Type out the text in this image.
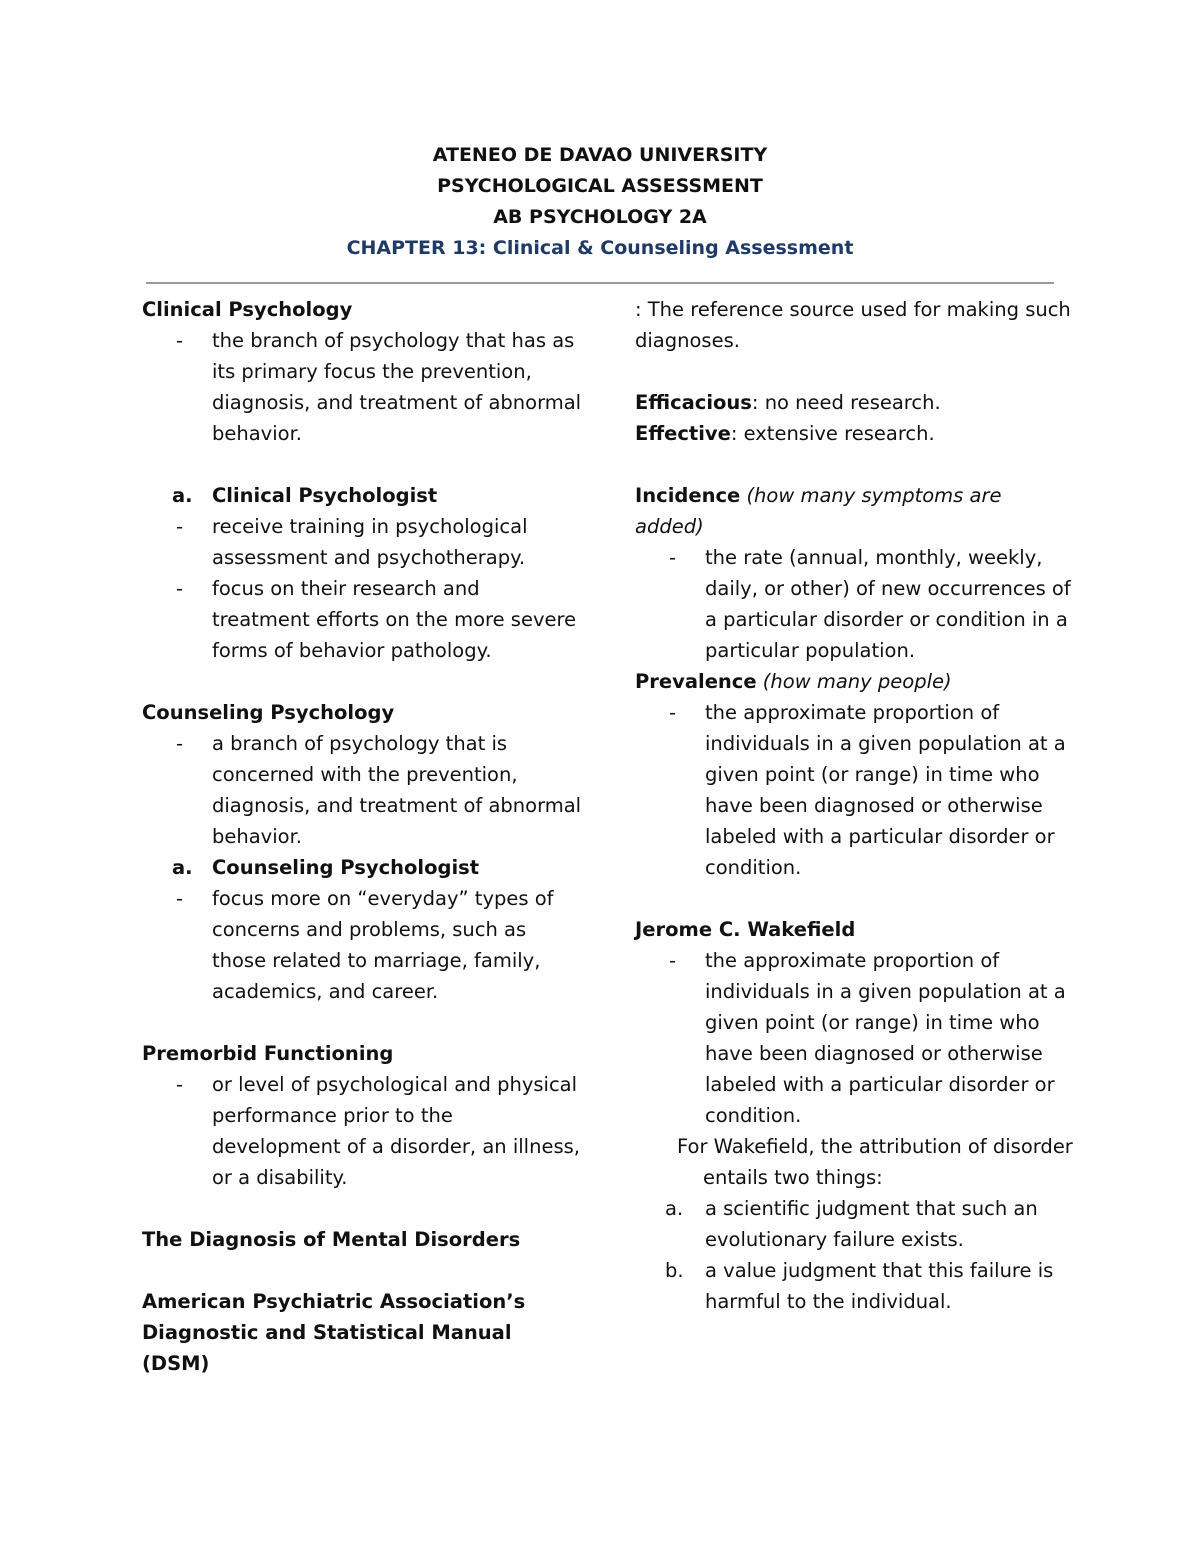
ATENEO DE DAVAO UNIVERSITY
PSYCHOLOGICAL ASSESSMENT
AB PSYCHOLOGY 2A
CHAPTER 13: Clinical & Counseling Assessment
Clinical Psychology
- the branch of psychology that has as its primary focus the prevention, diagnosis, and treatment of abnormal behavior.
a. Clinical Psychologist
- receive training in psychological assessment and psychotherapy.
- focus on their research and treatment efforts on the more severe forms of behavior pathology.
Counseling Psychology
- a branch of psychology that is concerned with the prevention, diagnosis, and treatment of abnormal behavior.
a. Counseling Psychologist
- focus more on “everyday” types of concerns and problems, such as those related to marriage, family, academics, and career.
Premorbid Functioning
- or level of psychological and physical performance prior to the development of a disorder, an illness, or a disability.
The Diagnosis of Mental Disorders
American Psychiatric Association’s Diagnostic and Statistical Manual (DSM)
: The reference source used for making such diagnoses.
Efficacious: no need research.
Effective: extensive research.
Incidence (how many symptoms are added)
- the rate (annual, monthly, weekly, daily, or other) of new occurrences of a particular disorder or condition in a particular population.
Prevalence (how many people)
- the approximate proportion of individuals in a given population at a given point (or range) in time who have been diagnosed or otherwise labeled with a particular disorder or condition.
Jerome C. Wakefield
- the approximate proportion of individuals in a given population at a given point (or range) in time who have been diagnosed or otherwise labeled with a particular disorder or condition.
For Wakefield, the attribution of disorder entails two things:
a. a scientific judgment that such an evolutionary failure exists.
b. a value judgment that this failure is harmful to the individual.
